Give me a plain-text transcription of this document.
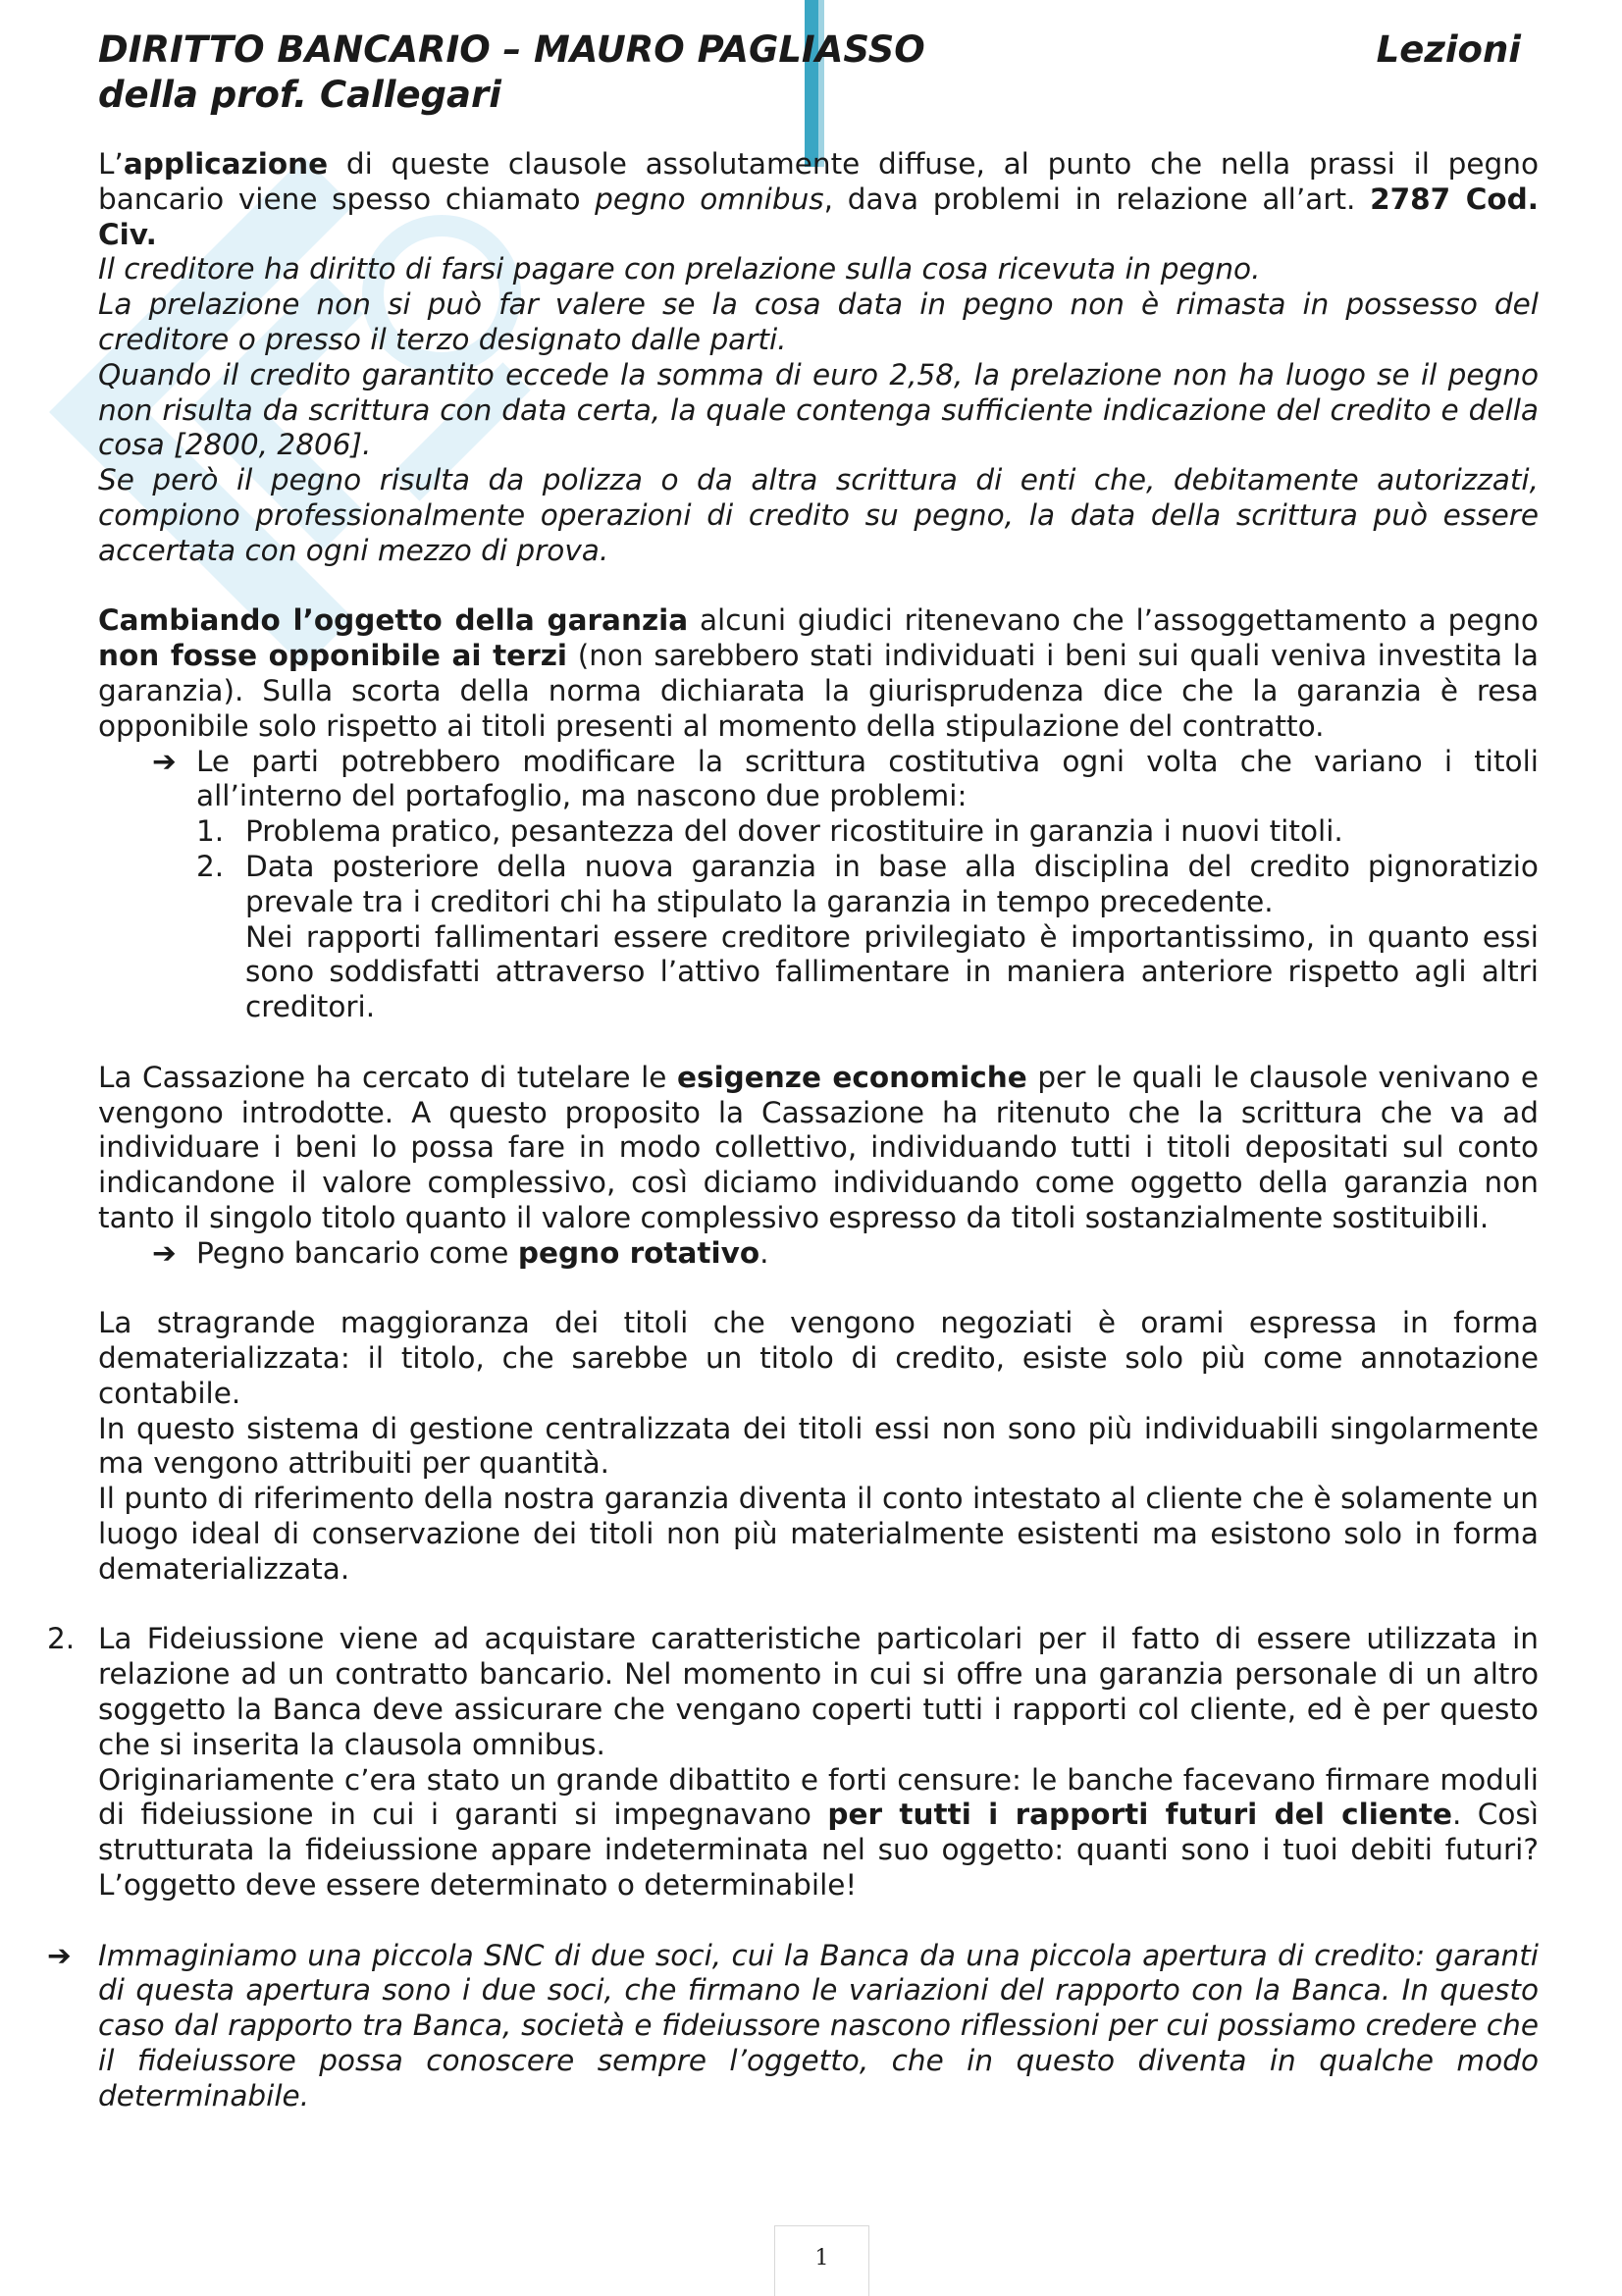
DIRITTO BANCARIO – MAURO PAGLIASSO	Lezioni
della prof. Callegari

L’applicazione di queste clausole assolutamente diffuse, al punto che nella prassi il pegno bancario viene spesso chiamato pegno omnibus, dava problemi in relazione all’art. 2787 Cod. Civ.

Il creditore ha diritto di farsi pagare con prelazione sulla cosa ricevuta in pegno.

La prelazione non si può far valere se la cosa data in pegno non è rimasta in possesso del creditore o presso il terzo designato dalle parti.

Quando il credito garantito eccede la somma di euro 2,58, la prelazione non ha luogo se il pegno non risulta da scrittura con data certa, la quale contenga sufficiente indicazione del credito e della cosa [2800, 2806].

Se però il pegno risulta da polizza o da altra scrittura di enti che, debitamente autorizzati, compiono professionalmente operazioni di credito su pegno, la data della scrittura può essere accertata con ogni mezzo di prova.

Cambiando l’oggetto della garanzia alcuni giudici ritenevano che l’assoggettamento a pegno non fosse opponibile ai terzi (non sarebbero stati individuati i beni sui quali veniva investita la garanzia). Sulla scorta della norma dichiarata la giurisprudenza dice che la garanzia è resa opponibile solo rispetto ai titoli presenti al momento della stipulazione del contratto.

➔ Le parti potrebbero modificare la scrittura costitutiva ogni volta che variano i titoli all’interno del portafoglio, ma nascono due problemi:
1. Problema pratico, pesantezza del dover ricostituire in garanzia i nuovi titoli.
2. Data posteriore della nuova garanzia in base alla disciplina del credito pignoratizio prevale tra i creditori chi ha stipulato la garanzia in tempo precedente.
Nei rapporti fallimentari essere creditore privilegiato è importantissimo, in quanto essi sono soddisfatti attraverso l’attivo fallimentare in maniera anteriore rispetto agli altri creditori.

La Cassazione ha cercato di tutelare le esigenze economiche per le quali le clausole venivano e vengono introdotte. A questo proposito la Cassazione ha ritenuto che la scrittura che va ad individuare i beni lo possa fare in modo collettivo, individuando tutti i titoli depositati sul conto indicandone il valore complessivo, così diciamo individuando come oggetto della garanzia non tanto il singolo titolo quanto il valore complessivo espresso da titoli sostanzialmente sostituibili.

➔ Pegno bancario come pegno rotativo.

La stragrande maggioranza dei titoli che vengono negoziati è orami espressa in forma dematerializzata: il titolo, che sarebbe un titolo di credito, esiste solo più come annotazione contabile.

In questo sistema di gestione centralizzata dei titoli essi non sono più individuabili singolarmente ma vengono attribuiti per quantità.

Il punto di riferimento della nostra garanzia diventa il conto intestato al cliente che è solamente un luogo ideal di conservazione dei titoli non più materialmente esistenti ma esistono solo in forma dematerializzata.

2. La Fideiussione viene ad acquistare caratteristiche particolari per il fatto di essere utilizzata in relazione ad un contratto bancario. Nel momento in cui si offre una garanzia personale di un altro soggetto la Banca deve assicurare che vengano coperti tutti i rapporti col cliente, ed è per questo che si inserita la clausola omnibus.

Originariamente c’era stato un grande dibattito e forti censure: le banche facevano firmare moduli di fideiussione in cui i garanti si impegnavano per tutti i rapporti futuri del cliente. Così strutturata la fideiussione appare indeterminata nel suo oggetto: quanti sono i tuoi debiti futuri? L’oggetto deve essere determinato o determinabile!

➔ Immaginiamo una piccola SNC di due soci, cui la Banca da una piccola apertura di credito: garanti di questa apertura sono i due soci, che firmano le variazioni del rapporto con la Banca. In questo caso dal rapporto tra Banca, società e fideiussore nascono riflessioni per cui possiamo credere che il fideiussore possa conoscere sempre l’oggetto, che in questo diventa in qualche modo determinabile.

1
